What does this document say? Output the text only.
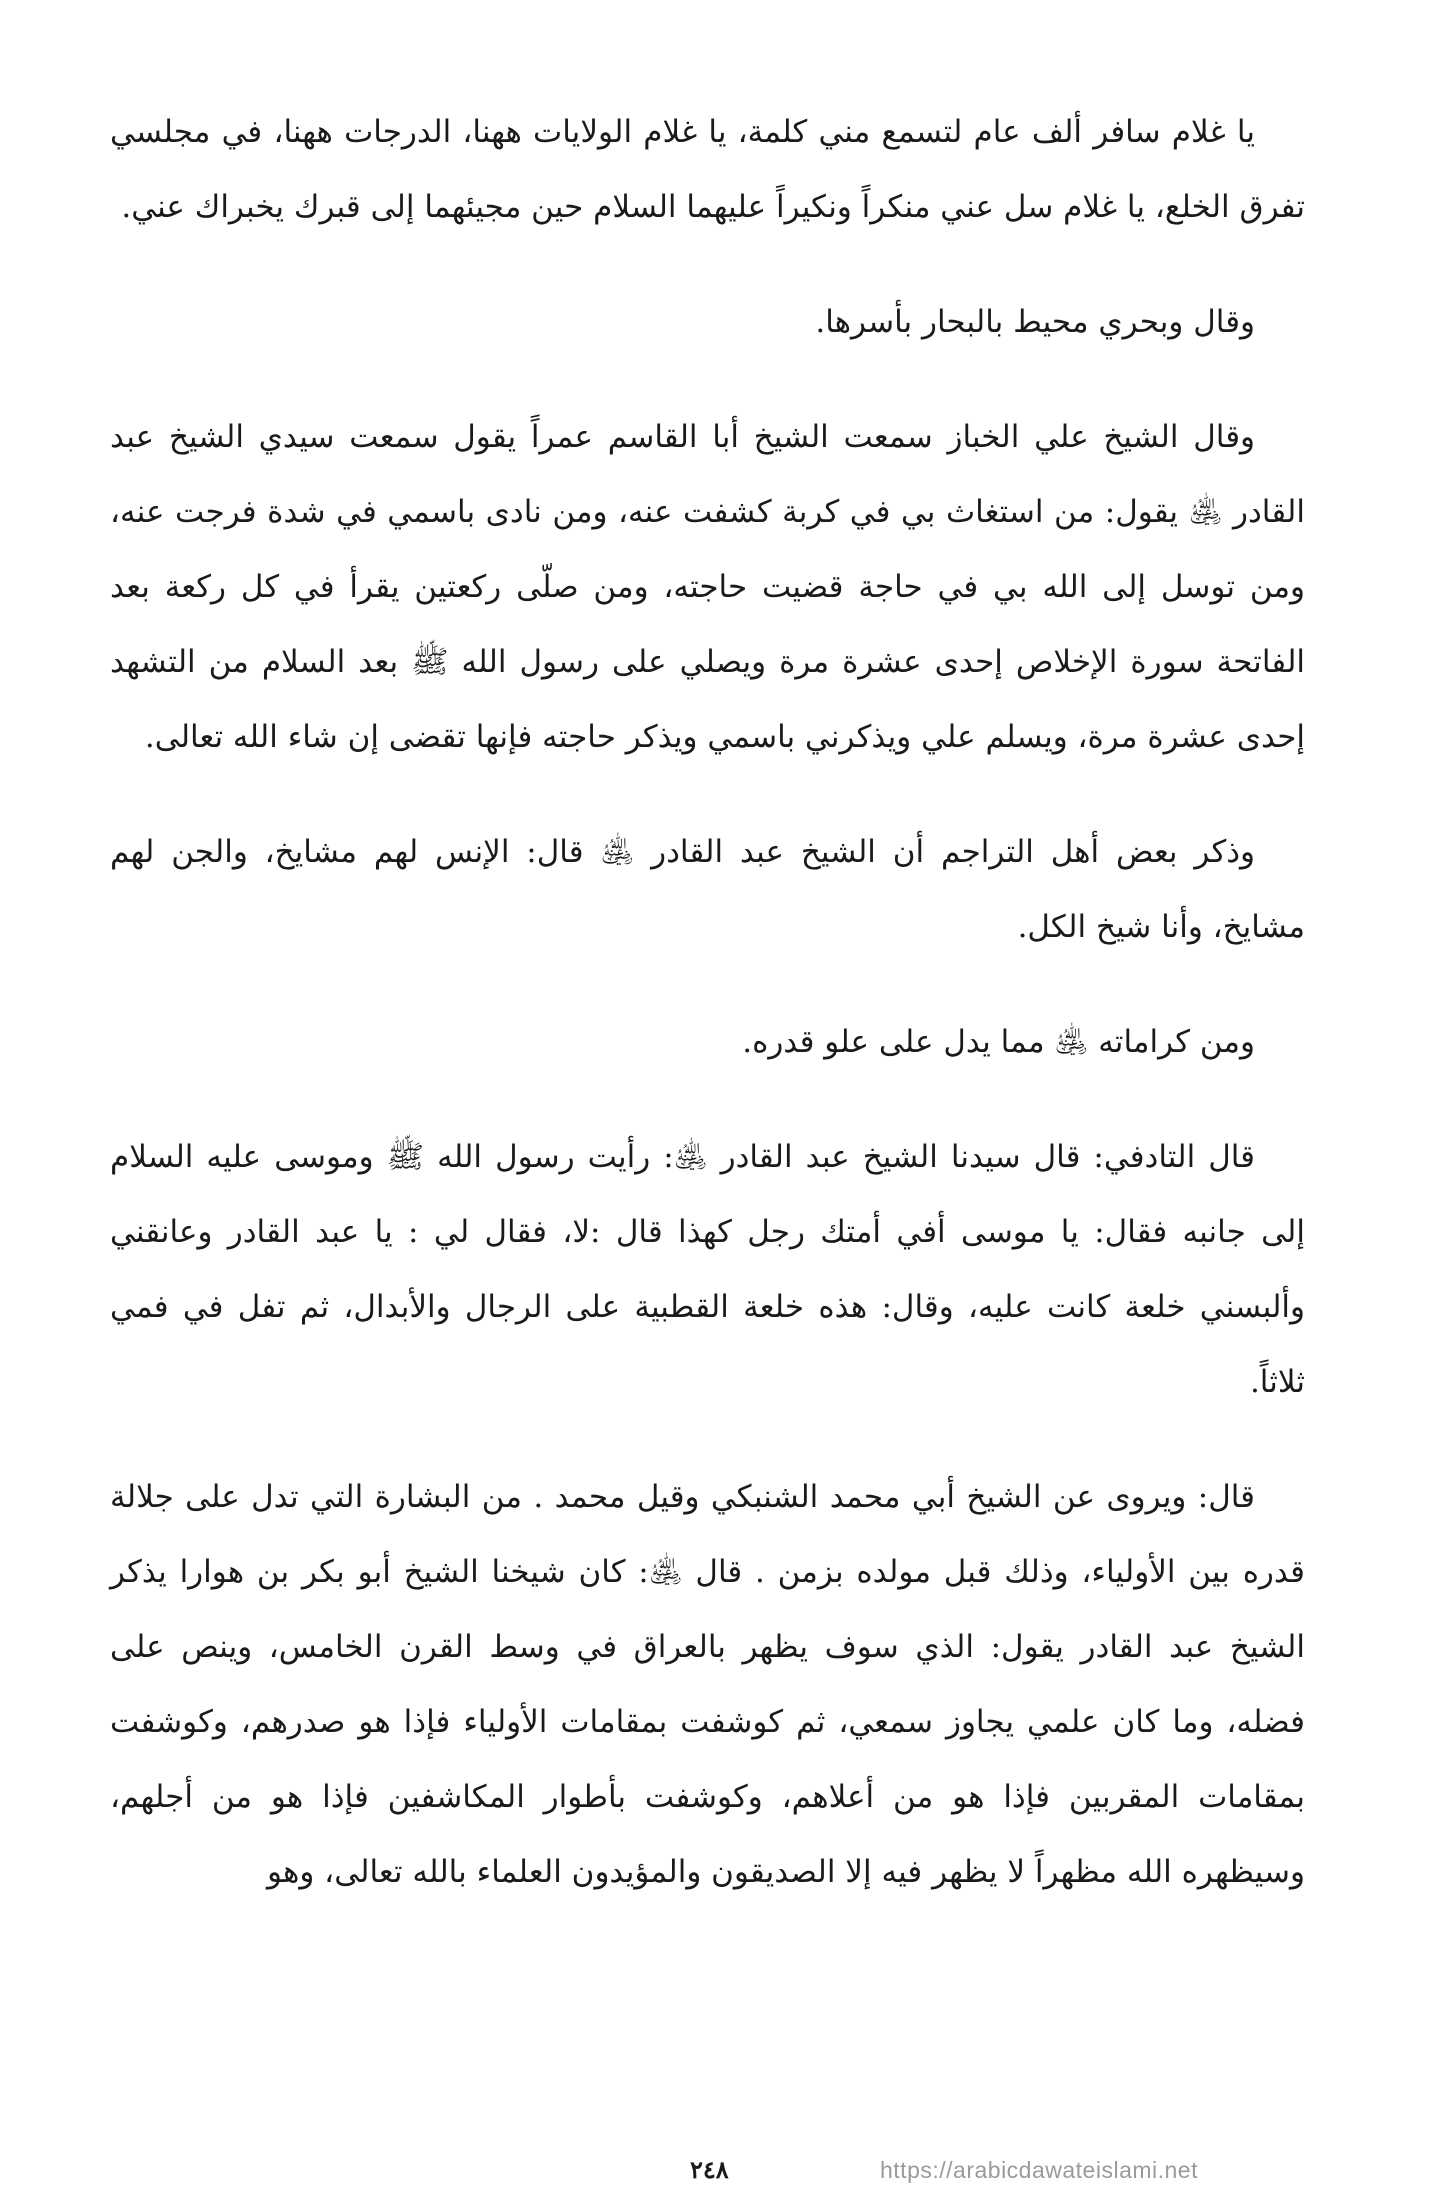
يا غلام سافر ألف عام لتسمع مني كلمة، يا غلام الولايات ههنا، الدرجات ههنا، في مجلسي تفرق الخلع، يا غلام سل عني منكراً ونكيراً عليهما السلام حين مجيئهما إلى قبرك يخبراك عني.

وقال وبحري محيط بالبحار بأسرها.

وقال الشيخ علي الخباز سمعت الشيخ أبا القاسم عمراً يقول سمعت سيدي الشيخ عبد القادر ﵁ يقول: من استغاث بي في كربة كشفت عنه، ومن نادى باسمي في شدة فرجت عنه، ومن توسل إلى الله بي في حاجة قضيت حاجته، ومن صلّى ركعتين يقرأ في كل ركعة بعد الفاتحة سورة الإخلاص إحدى عشرة مرة ويصلي على رسول الله ﷺ بعد السلام من التشهد إحدى عشرة مرة، ويسلم علي ويذكرني باسمي ويذكر حاجته فإنها تقضى إن شاء الله تعالى.

وذكر بعض أهل التراجم أن الشيخ عبد القادر ﵁ قال: الإنس لهم مشايخ، والجن لهم مشايخ، وأنا شيخ الكل.

ومن كراماته ﵁ مما يدل على علو قدره.

قال التادفي: قال سيدنا الشيخ عبد القادر ﵁: رأيت رسول الله ﷺ وموسى عليه السلام إلى جانبه فقال: يا موسى أفي أمتك رجل كهذا قال :لا، فقال لي : يا عبد القادر وعانقني وألبسني خلعة كانت عليه، وقال: هذه خلعة القطبية على الرجال والأبدال، ثم تفل في فمي ثلاثاً.

قال: ويروى عن الشيخ أبي محمد الشنبكي وقيل محمد . من البشارة التي تدل على جلالة قدره بين الأولياء، وذلك قبل مولده بزمن . قال ﵁: كان شيخنا الشيخ أبو بكر بن هوارا يذكر الشيخ عبد القادر يقول: الذي سوف يظهر بالعراق في وسط القرن الخامس، وينص على فضله، وما كان علمي يجاوز سمعي، ثم كوشفت بمقامات الأولياء فإذا هو صدرهم، وكوشفت بمقامات المقربين فإذا هو من أعلاهم، وكوشفت بأطوار المكاشفين فإذا هو من أجلهم، وسيظهره الله مظهراً لا يظهر فيه إلا الصديقون والمؤيدون العلماء بالله تعالى، وهو

٢٤٨	https://arabicdawateislami.net
